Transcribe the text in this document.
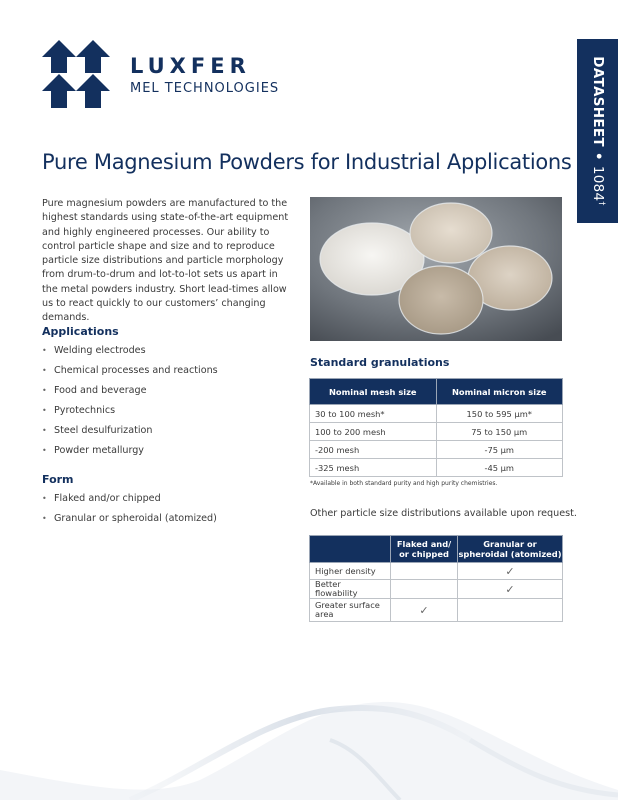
LUXFER
MEL TECHNOLOGIES	DATASHEET • 1084†
Pure Magnesium Powders for Industrial Applications

Pure magnesium powders are manufactured to the highest standards using state-of-the-art equipment and highly engineered processes. Our ability to control particle shape and size and to reproduce particle size distributions and particle morphology from drum-to-drum and lot-to-lot sets us apart in the metal powders industry. Short lead-times allow us to react quickly to our customers’ changing demands.

Applications
• Welding electrodes
• Chemical processes and reactions
• Food and beverage
• Pyrotechnics
• Steel desulfurization
• Powder metallurgy
Form
• Flaked and/or chipped
• Granular or spheroidal (atomized)
Standard granulations
Nominal mesh size	Nominal micron size
30 to 100 mesh*	150 to 595 µm*
100 to 200 mesh	75 to 150 µm
-200 mesh	-75 µm
-325 mesh	-45 µm

*Available in both standard purity and high purity chemistries.

Other particle size distributions available upon request.

	Flaked and/ or chipped	Granular or spheroidal (atomized)
Higher density		✓
Better flowability		✓
Greater surface area	✓	
